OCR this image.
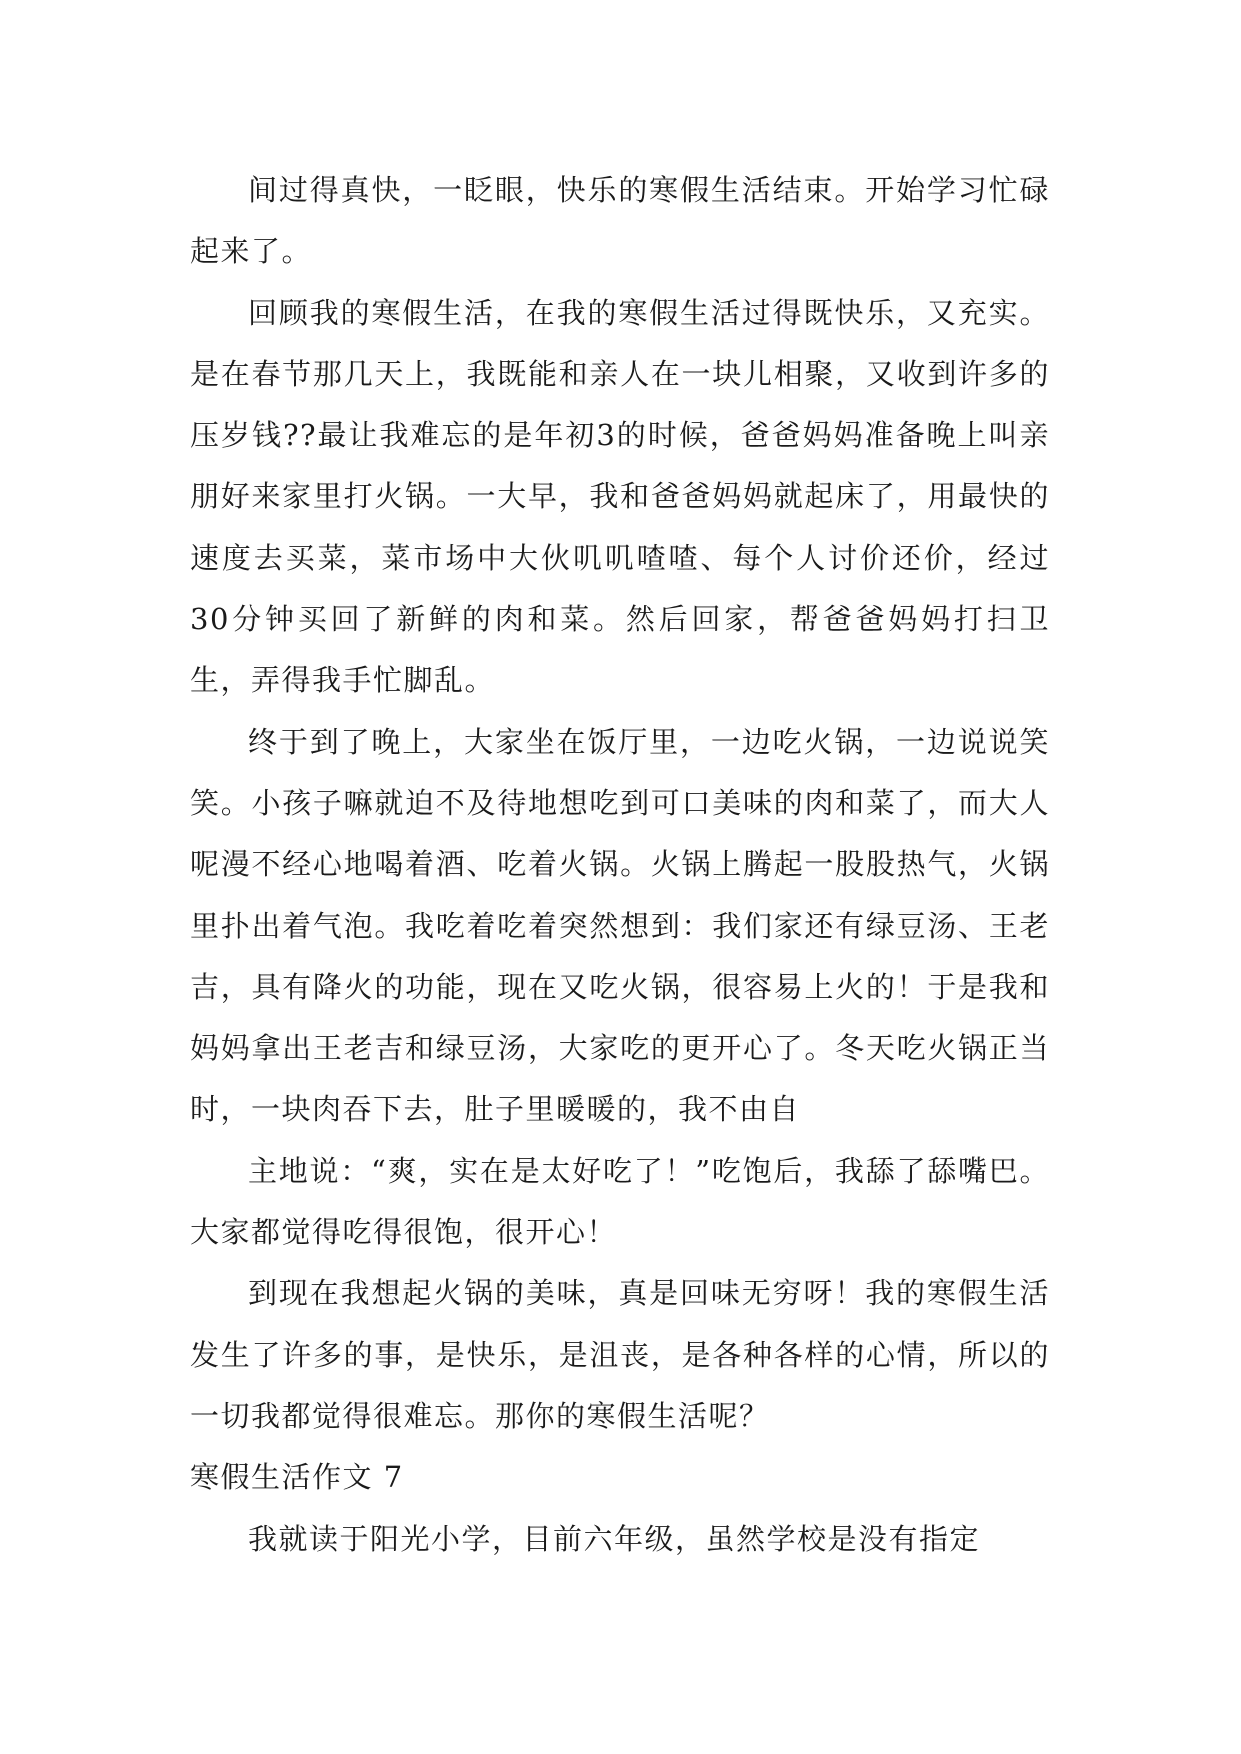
间过得真快，一眨眼，快乐的寒假生活结束。开始学习忙碌起来了。

回顾我的寒假生活，在我的寒假生活过得既快乐，又充实。是在春节那几天上，我既能和亲人在一块儿相聚，又收到许多的压岁钱??最让我难忘的是年初3的时候，爸爸妈妈准备晚上叫亲朋好来家里打火锅。一大早，我和爸爸妈妈就起床了，用最快的速度去买菜，菜市场中大伙叽叽喳喳、每个人讨价还价，经过30分钟买回了新鲜的肉和菜。然后回家，帮爸爸妈妈打扫卫生，弄得我手忙脚乱。

终于到了晚上，大家坐在饭厅里，一边吃火锅，一边说说笑笑。小孩子嘛就迫不及待地想吃到可口美味的肉和菜了，而大人呢漫不经心地喝着酒、吃着火锅。火锅上腾起一股股热气，火锅里扑出着气泡。我吃着吃着突然想到：我们家还有绿豆汤、王老吉，具有降火的功能，现在又吃火锅，很容易上火的！于是我和妈妈拿出王老吉和绿豆汤，大家吃的更开心了。冬天吃火锅正当时，一块肉吞下去，肚子里暖暖的，我不由自

主地说：“爽，实在是太好吃了！”吃饱后，我舔了舔嘴巴。大家都觉得吃得很饱，很开心！

到现在我想起火锅的美味，真是回味无穷呀！我的寒假生活发生了许多的事，是快乐，是沮丧，是各种各样的心情，所以的一切我都觉得很难忘。那你的寒假生活呢？

寒假生活作文 7

我就读于阳光小学，目前六年级，虽然学校是没有指定
